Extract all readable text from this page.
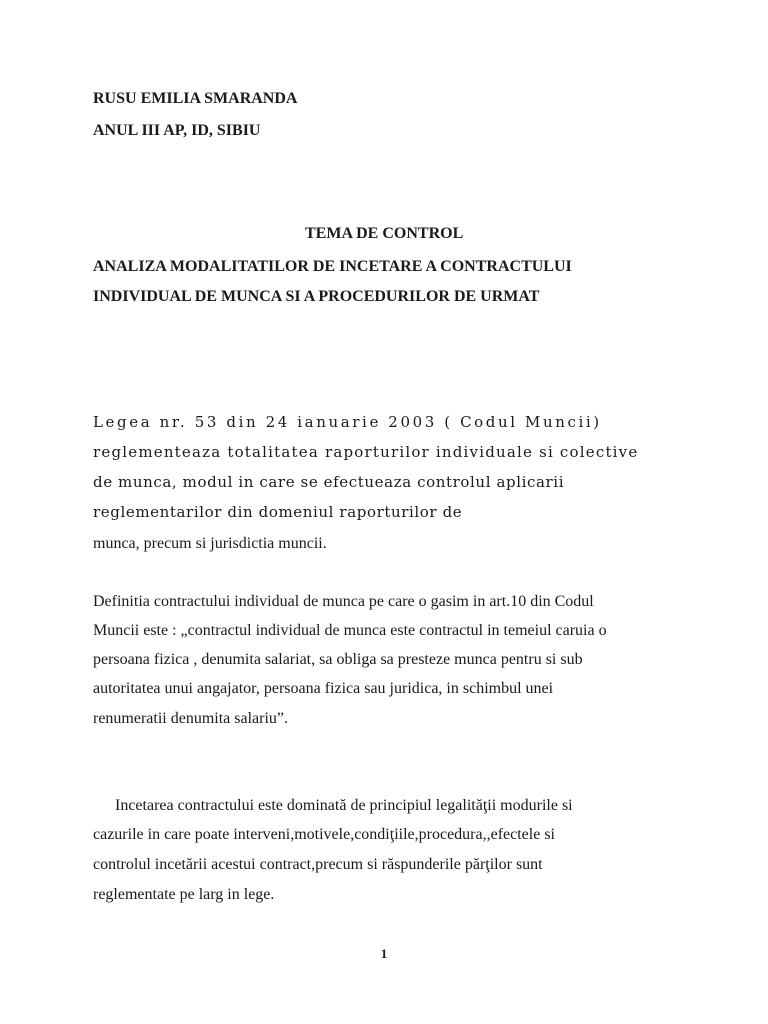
RUSU EMILIA SMARANDA
ANUL III AP, ID, SIBIU
TEMA DE CONTROL
ANALIZA MODALITATILOR DE INCETARE A CONTRACTULUI
INDIVIDUAL DE MUNCA SI A PROCEDURILOR DE URMAT
Legea nr. 53 din 24 ianuarie 2003 ( Codul Muncii)
reglementeaza totalitatea raporturilor individuale si colective
de munca, modul in care se efectueaza controlul aplicarii
reglementarilor din domeniul raporturilor de
munca, precum si jurisdictia muncii.
Definitia contractului individual de munca pe care o gasim in art.10 din Codul
Muncii este : „contractul individual de munca este contractul in temeiul caruia o
persoana fizica , denumita salariat, sa obliga sa presteze munca pentru si sub
autoritatea unui angajator, persoana fizica sau juridica, in schimbul unei
renumeratii denumita salariu”.
Incetarea contractului este dominată de principiul legalităţii modurile si
cazurile in care poate interveni,motivele,condiţiile,procedura,,efectele si
controlul incetării acestui contract,precum si răspunderile părţilor sunt
reglementate pe larg in lege.
1
